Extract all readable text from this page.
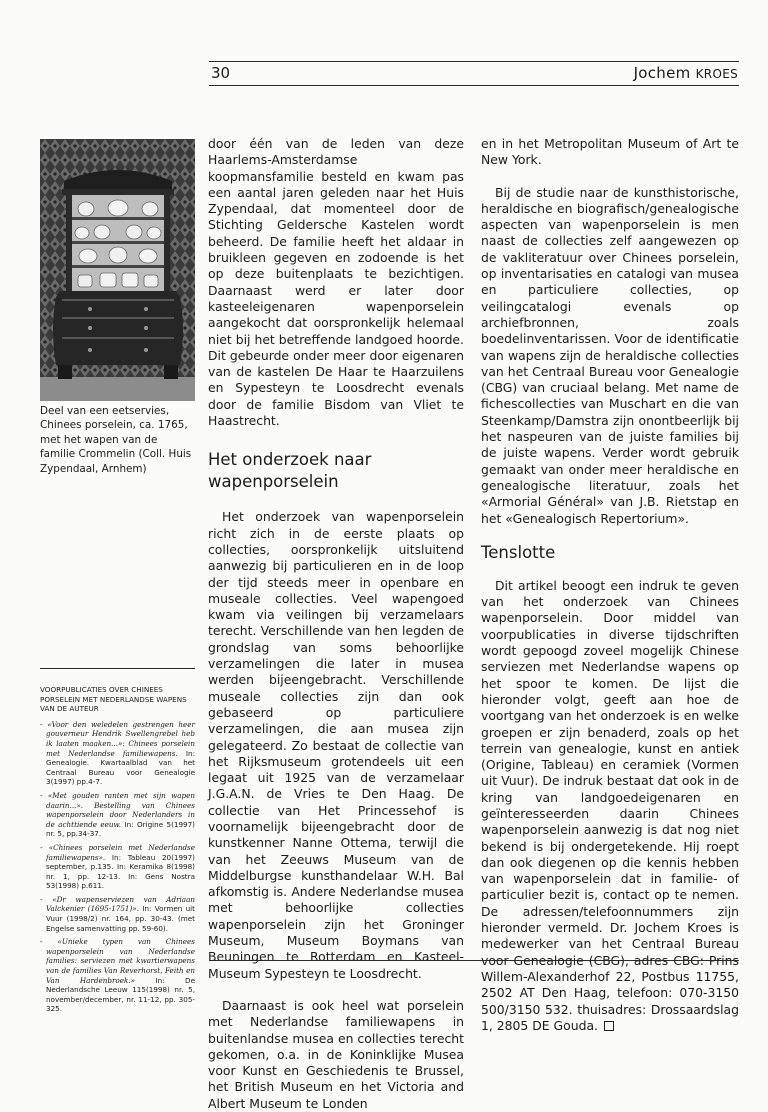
30	Jochem KROES
Deel van een eetservies, Chinees porselein, ca. 1765, met het wapen van de familie Crommelin (Coll. Huis Zypendaal, Arnhem)

VOORPUBLICATIES OVER CHINEES PORSELEIN MET NEDERLANDSE WAPENS VAN DE AUTEUR

- «Voor den weledelen gestrengen heer gouverneur Hendrik Swellengrebel heb ik laaten maaken...»: Chinees porselein met Nederlandse familiewapens. In: Genealogie. Kwartaalblad van het Centraal Bureau voor Genealogie 3(1997) pp.4-7.

- «Met gouden ranten met sijn wapen daarin...». Bestelling van Chinees wapenporselein door Nederlanders in de achttiende eeuw. In: Origine 5(1997) nr. 5, pp.34-37.

- «Chinees porselein met Nederlandse familiewapens». In: Tableau 20(1997) september, p.135. In: Keramika 8(1998) nr. 1, pp. 12-13. In: Gens Nostra 53(1998) p.611.

- «Dr wapenserviezen van Adriaan Valckenier (1695-1751)». In: Vormen uit Vuur (1998/2) nr. 164, pp. 30-43. (met Engelse samenvatting pp. 59-60).

- «Unieke typen van Chinees wapenporselein van Nederlandse families: serviezen met kwartierwapens van de families Van Reverhorst, Feith en Van Hardenbroek.»	In: De Nederlandsche Leeuw 115(1998) nr. 5, november/december, nr. 11-12, pp. 305-325.

door één van de leden van deze Haarlems-Amsterdamse koopmansfamilie besteld en kwam pas een aantal jaren geleden naar het Huis Zypendaal, dat momenteel door de Stichting Geldersche Kastelen wordt beheerd. De familie heeft het aldaar in bruikleen gegeven en zodoende is het op deze buitenplaats te bezichtigen. Daarnaast werd er later door kasteeleigenaren wapenporselein aangekocht dat oorspronkelijk helemaal niet bij het betreffende landgoed hoorde. Dit gebeurde onder meer door eigenaren van de kastelen De Haar te Haarzuilens en Sypesteyn te Loosdrecht evenals door de familie Bisdom van Vliet te Haastrecht.

Het onderzoek naar wapenporselein

Het onderzoek van wapenporselein richt zich in de eerste plaats op collecties, oorspronkelijk uitsluitend aanwezig bij particulieren en in de loop der tijd steeds meer in openbare en museale collecties. Veel wapengoed kwam via veilingen bij verzamelaars terecht. Verschillende van hen legden de grondslag van soms behoorlijke verzamelingen die later in musea werden bijeengebracht. Verschillende museale collecties zijn dan ook gebaseerd op particuliere verzamelingen, die aan musea zijn gelegateerd. Zo bestaat de collectie van het Rijksmuseum grotendeels uit een legaat uit 1925 van de verzamelaar J.G.A.N. de Vries te Den Haag. De collectie van Het Princessehof is voornamelijk bijeengebracht door de kunstkenner Nanne Ottema, terwijl die van het Zeeuws Museum van de Middelburgse kunsthandelaar W.H. Bal afkomstig is. Andere Nederlandse musea met behoorlijke collecties wapenporselein zijn het Groninger Museum, Museum Boymans van Beuningen te Rotterdam en Kasteel-Museum Sypesteyn te Loosdrecht.

Daarnaast is ook heel wat porselein met Nederlandse familiewapens in buitenlandse musea en collecties terecht gekomen, o.a. in de Koninklijke Musea voor Kunst en Geschiedenis te Brussel, het British Museum en het Victoria and Albert Museum te Londen

en in het Metropolitan Museum of Art te New York.

Bij de studie naar de kunsthistorische, heraldische en biografisch/genealogische aspecten van wapenporselein is men naast de collecties zelf aangewezen op de vakliteratuur over Chinees porselein, op inventarisaties en catalogi van musea en particuliere collecties, op veilingcatalogi evenals op archiefbronnen, zoals boedelinventarissen. Voor de identificatie van wapens zijn de heraldische collecties van het Centraal Bureau voor Genealogie (CBG) van cruciaal belang. Met name de fichescollecties van Muschart en die van Steenkamp/Damstra zijn onontbeerlijk bij het naspeuren van de juiste families bij de juiste wapens. Verder wordt gebruik gemaakt van onder meer heraldische en genealogische literatuur, zoals het «Armorial Général» van J.B. Rietstap en het «Genealogisch Repertorium».

Tenslotte

Dit artikel beoogt een indruk te geven van het onderzoek van Chinees wapenporselein. Door middel van voorpublicaties in diverse tijdschriften wordt gepoogd zoveel mogelijk Chinese serviezen met Nederlandse wapens op het spoor te komen. De lijst die hieronder volgt, geeft aan hoe de voortgang van het onderzoek is en welke groepen er zijn benaderd, zoals op het terrein van genealogie, kunst en antiek (Origine, Tableau) en ceramiek (Vormen uit Vuur). De indruk bestaat dat ook in de kring van landgoedeigenaren en geïnteresseerden daarin Chinees wapenporselein aanwezig is dat nog niet bekend is bij ondergetekende. Hij roept dan ook diegenen op die kennis hebben van wapenporselein dat in familie- of particulier bezit is, contact op te nemen. De adressen/telefoonnummers zijn hieronder vermeld. Dr. Jochem Kroes is medewerker van het Centraal Bureau voor Genealogie (CBG), adres CBG: Prins Willem-Alexanderhof 22, Postbus 11755, 2502 AT Den Haag, telefoon: 070-3150 500/3150 532. thuisadres: Drossaardslag 1, 2805 DE Gouda.
